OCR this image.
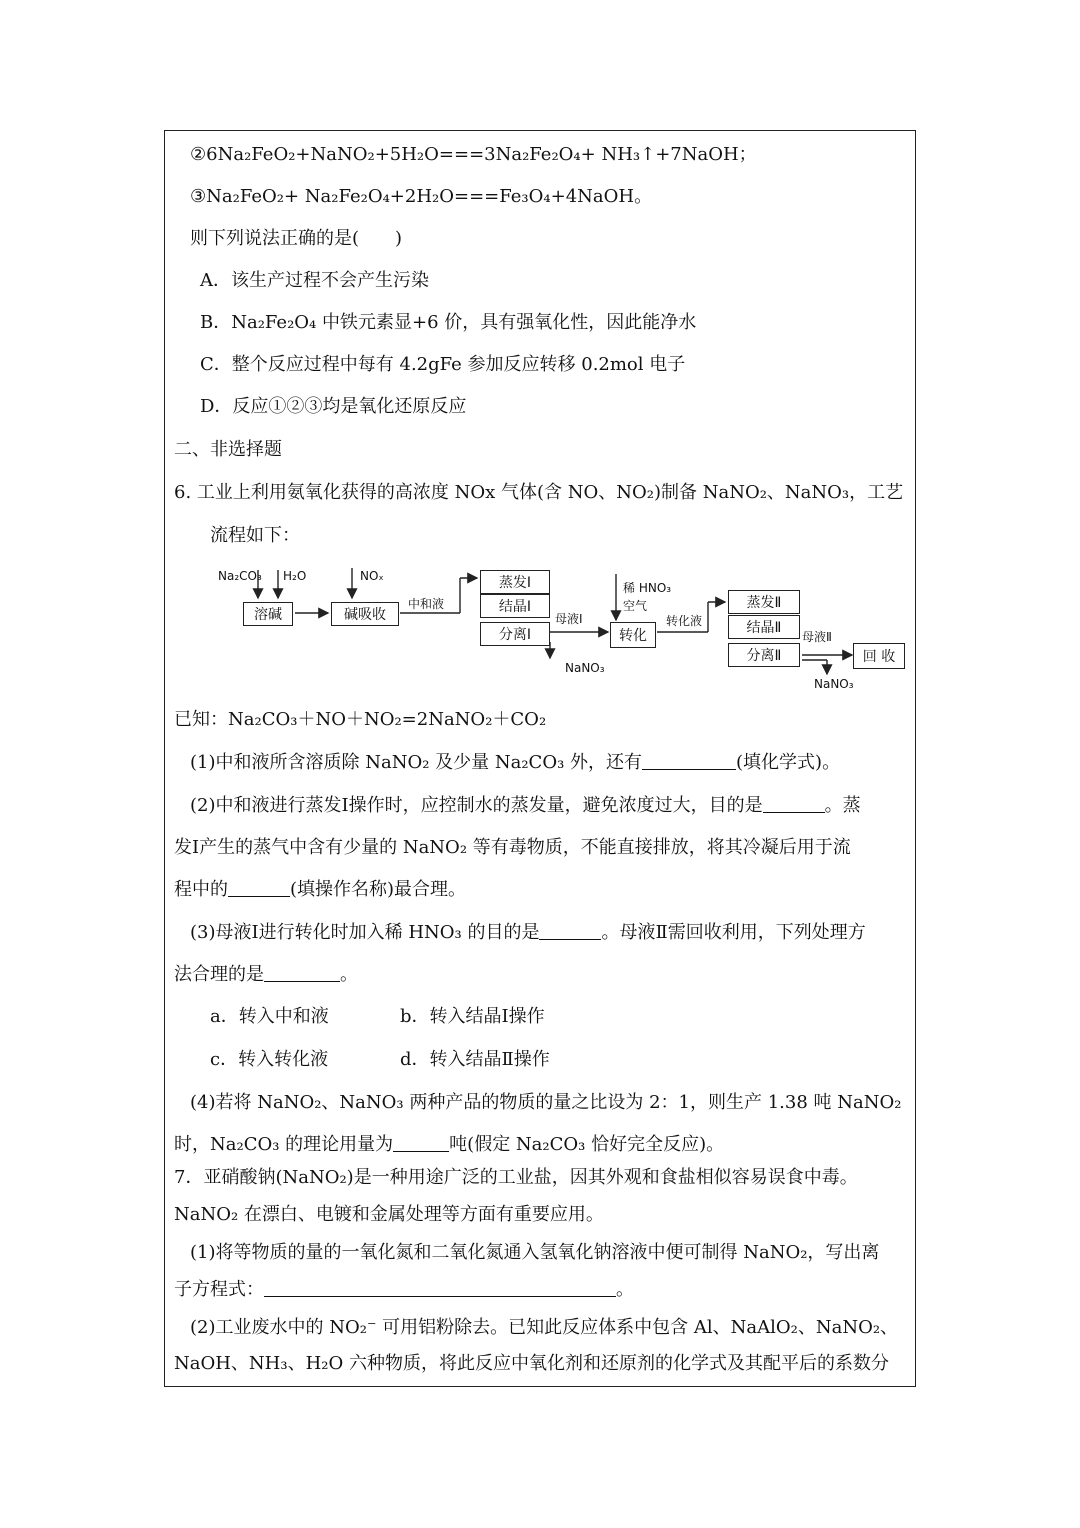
②6Na₂FeO₂+NaNO₂+5H₂O===3Na₂Fe₂O₄+ NH₃↑+7NaOH；
③Na₂FeO₂+ Na₂Fe₂O₄+2H₂O===Fe₃O₄+4NaOH。
则下列说法正确的是(　　)
A．该生产过程不会产生污染
B．Na₂Fe₂O₄ 中铁元素显+6 价，具有强氧化性，因此能净水
C．整个反应过程中每有 4.2gFe 参加反应转移 0.2mol 电子
D．反应①②③均是氧化还原反应
二、非选择题
6. 工业上利用氨氧化获得的高浓度 NOx 气体(含 NO、NO₂)制备 NaNO₂、NaNO₃，工艺
流程如下：
Na₂CO₃ H₂O	NOₓ
溶碱	碱吸收
中和液
蒸发Ⅰ
结晶Ⅰ
分离Ⅰ
NaNO₃
母液Ⅰ
稀 HNO₃
空气
转化
转化液
蒸发Ⅱ
结晶Ⅱ
分离Ⅱ
母液Ⅱ
回 收
NaNO₃
已知：Na₂CO₃＋NO＋NO₂=2NaNO₂＋CO₂
(1)中和液所含溶质除 NaNO₂ 及少量 Na₂CO₃ 外，还有	(填化学式)。
(2)中和液进行蒸发Ⅰ操作时，应控制水的蒸发量，避免浓度过大，目的是	。蒸
发Ⅰ产生的蒸气中含有少量的 NaNO₂ 等有毒物质，不能直接排放，将其冷凝后用于流
程中的	(填操作名称)最合理。
(3)母液Ⅰ进行转化时加入稀 HNO₃ 的目的是	。母液Ⅱ需回收利用，下列处理方
法合理的是	。
a．转入中和液	b．转入结晶Ⅰ操作
c．转入转化液	d．转入结晶Ⅱ操作
(4)若将 NaNO₂、NaNO₃ 两种产品的物质的量之比设为 2：1，则生产 1.38 吨 NaNO₂
时，Na₂CO₃ 的理论用量为	吨(假定 Na₂CO₃ 恰好完全反应)。
7．亚硝酸钠(NaNO₂)是一种用途广泛的工业盐，因其外观和食盐相似容易误食中毒。
NaNO₂ 在漂白、电镀和金属处理等方面有重要应用。
(1)将等物质的量的一氧化氮和二氧化氮通入氢氧化钠溶液中便可制得 NaNO₂，写出离
子方程式：	。
(2)工业废水中的 NO₂⁻ 可用铝粉除去。已知此反应体系中包含 Al、NaAlO₂、NaNO₂、
NaOH、NH₃、H₂O 六种物质，将此反应中氧化剂和还原剂的化学式及其配平后的系数分
